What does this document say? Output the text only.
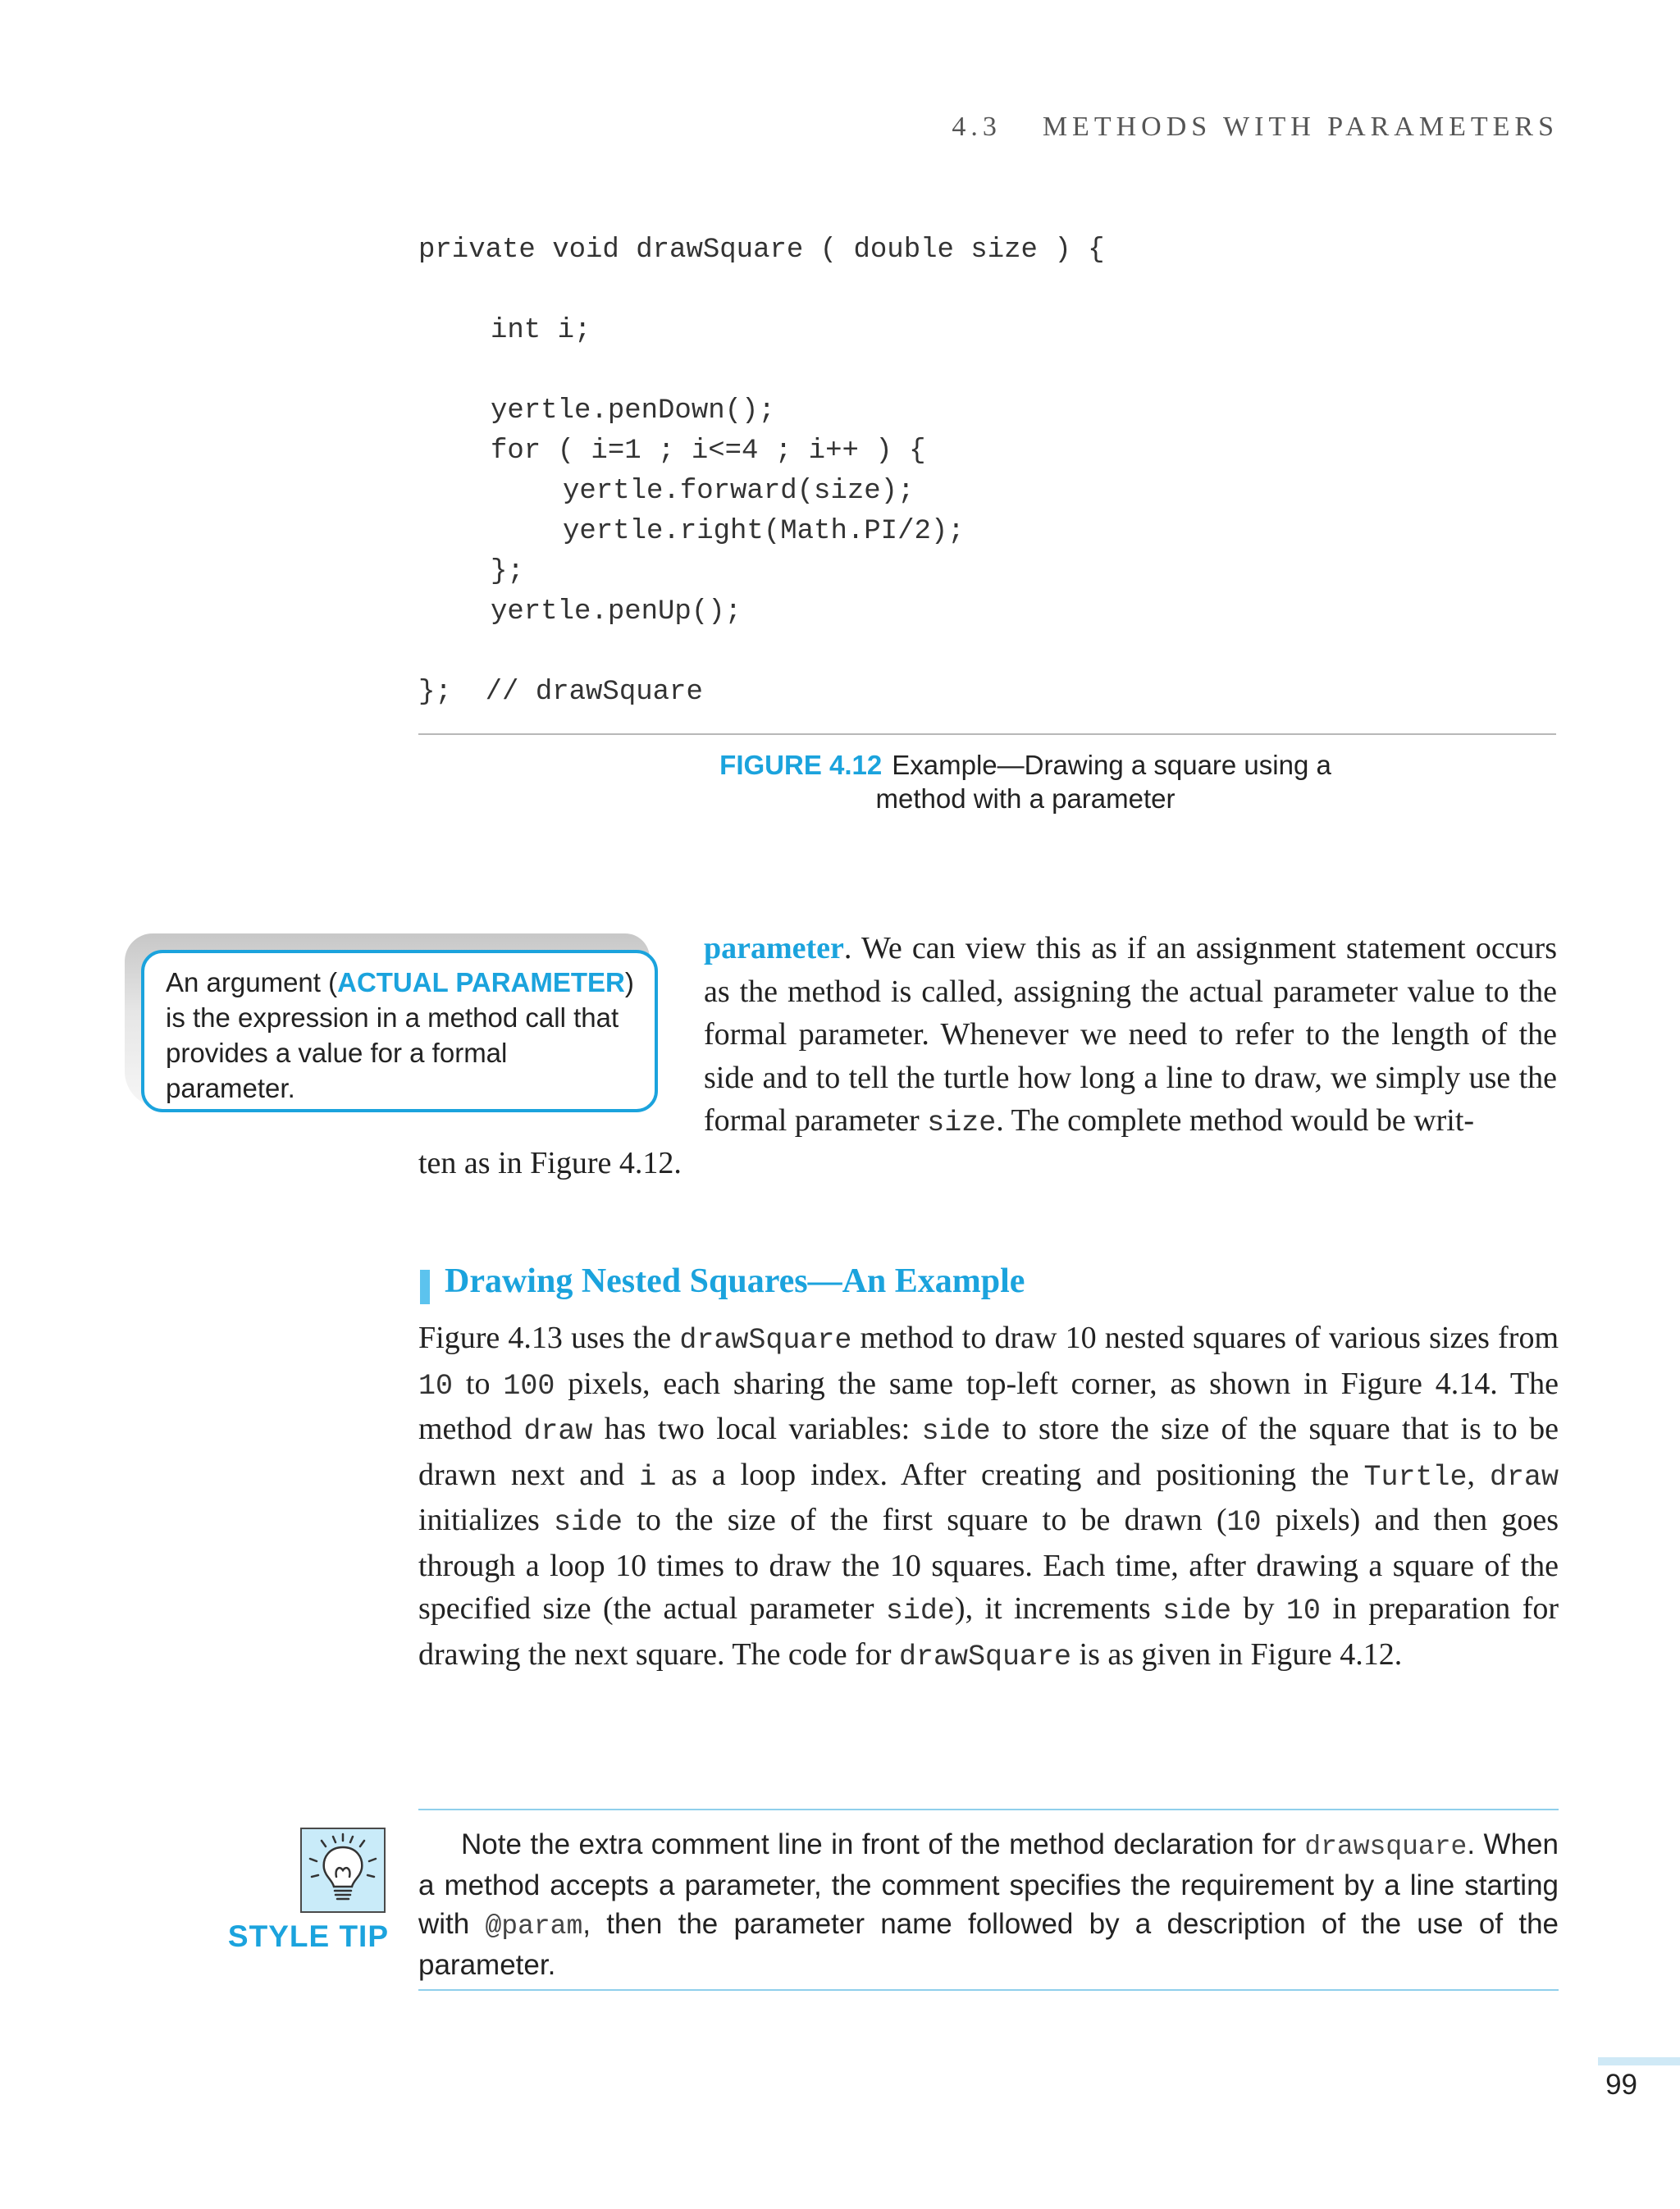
4.3 METHODS WITH PARAMETERS
private void drawSquare ( double size ) {
int i;
yertle.penDown();
for ( i=1 ; i<=4 ; i++ ) {
yertle.forward(size);
yertle.right(Math.PI/2);
};
yertle.penUp();
};  // drawSquare
FIGURE 4.12 Example—Drawing a square using a
method with a parameter
An argument (ACTUAL PARAMETER) is the expression in a method call that provides a value for a formal parameter.
parameter. We can view this as if an assignment statement occurs as the method is called, assigning the actual parameter value to the formal parameter. Whenever we need to refer to the length of the side and to tell the turtle how long a line to draw, we simply use the formal parameter size. The complete method would be writ-
ten as in Figure 4.12.
Drawing Nested Squares—An Example
Figure 4.13 uses the drawSquare method to draw 10 nested squares of various sizes from 10 to 100 pixels, each sharing the same top-left corner, as shown in Figure 4.14. The method draw has two local variables: side to store the size of the square that is to be drawn next and i as a loop index. After creating and positioning the Turtle, draw initializes side to the size of the first square to be drawn (10 pixels) and then goes through a loop 10 times to draw the 10 squares. Each time, after drawing a square of the specified size (the actual parameter side), it increments side by 10 in preparation for drawing the next square. The code for drawSquare is as given in Figure 4.12.
STYLE TIP
Note the extra comment line in front of the method declaration for drawsquare. When a method accepts a parameter, the comment specifies the requirement by a line starting with @param, then the parameter name followed by a description of the use of the parameter.
99
